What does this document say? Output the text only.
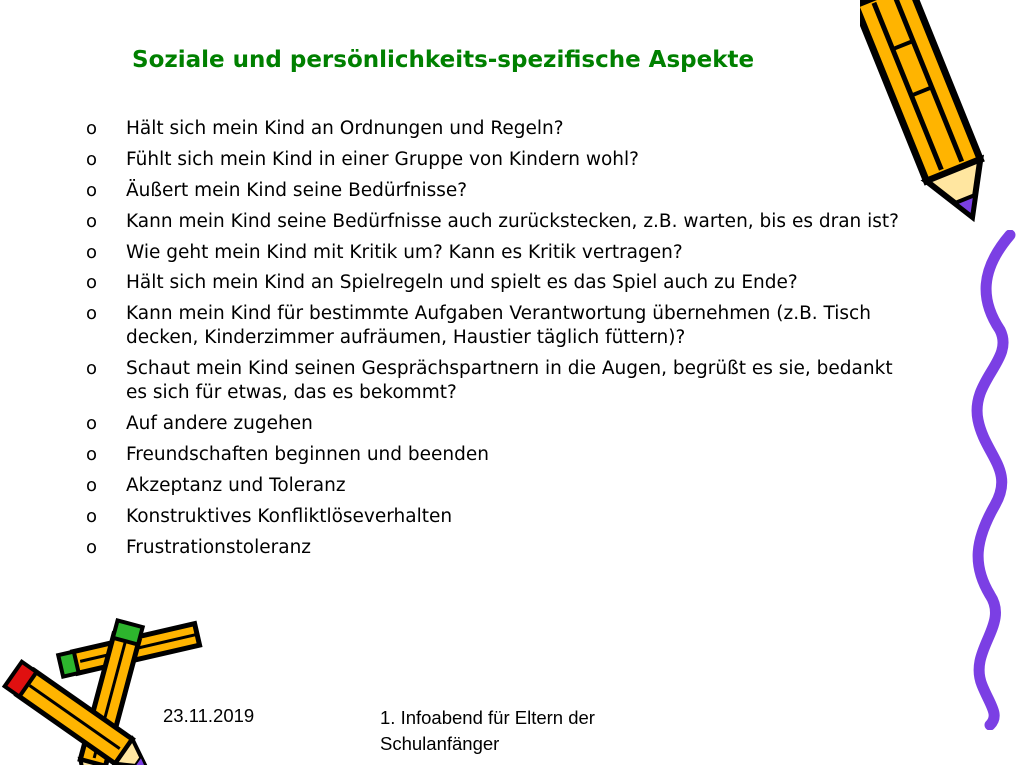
Soziale und persönlichkeits-spezifische Aspekte
o	Hält sich mein Kind an Ordnungen und Regeln?
o	Fühlt sich mein Kind in einer Gruppe von Kindern wohl?
o	Äußert mein Kind seine Bedürfnisse?
o	Kann mein Kind seine Bedürfnisse auch zurückstecken, z.B. warten, bis es dran ist?
o	Wie geht mein Kind mit Kritik um? Kann es Kritik vertragen?
o	Hält sich mein Kind an Spielregeln und spielt es das Spiel auch zu Ende?
o	Kann mein Kind für bestimmte Aufgaben Verantwortung übernehmen (z.B. Tisch decken, Kinderzimmer aufräumen, Haustier täglich füttern)?
o	Schaut mein Kind seinen Gesprächspartnern in die Augen, begrüßt es sie, bedankt es sich für etwas, das es bekommt?
o	Auf andere zugehen
o	Freundschaften beginnen und beenden
o	Akzeptanz und Toleranz
o	Konstruktives Konfliktlöseverhalten
o	Frustrationstoleranz
23.11.2019	1. Infoabend für Eltern der Schulanfänger
